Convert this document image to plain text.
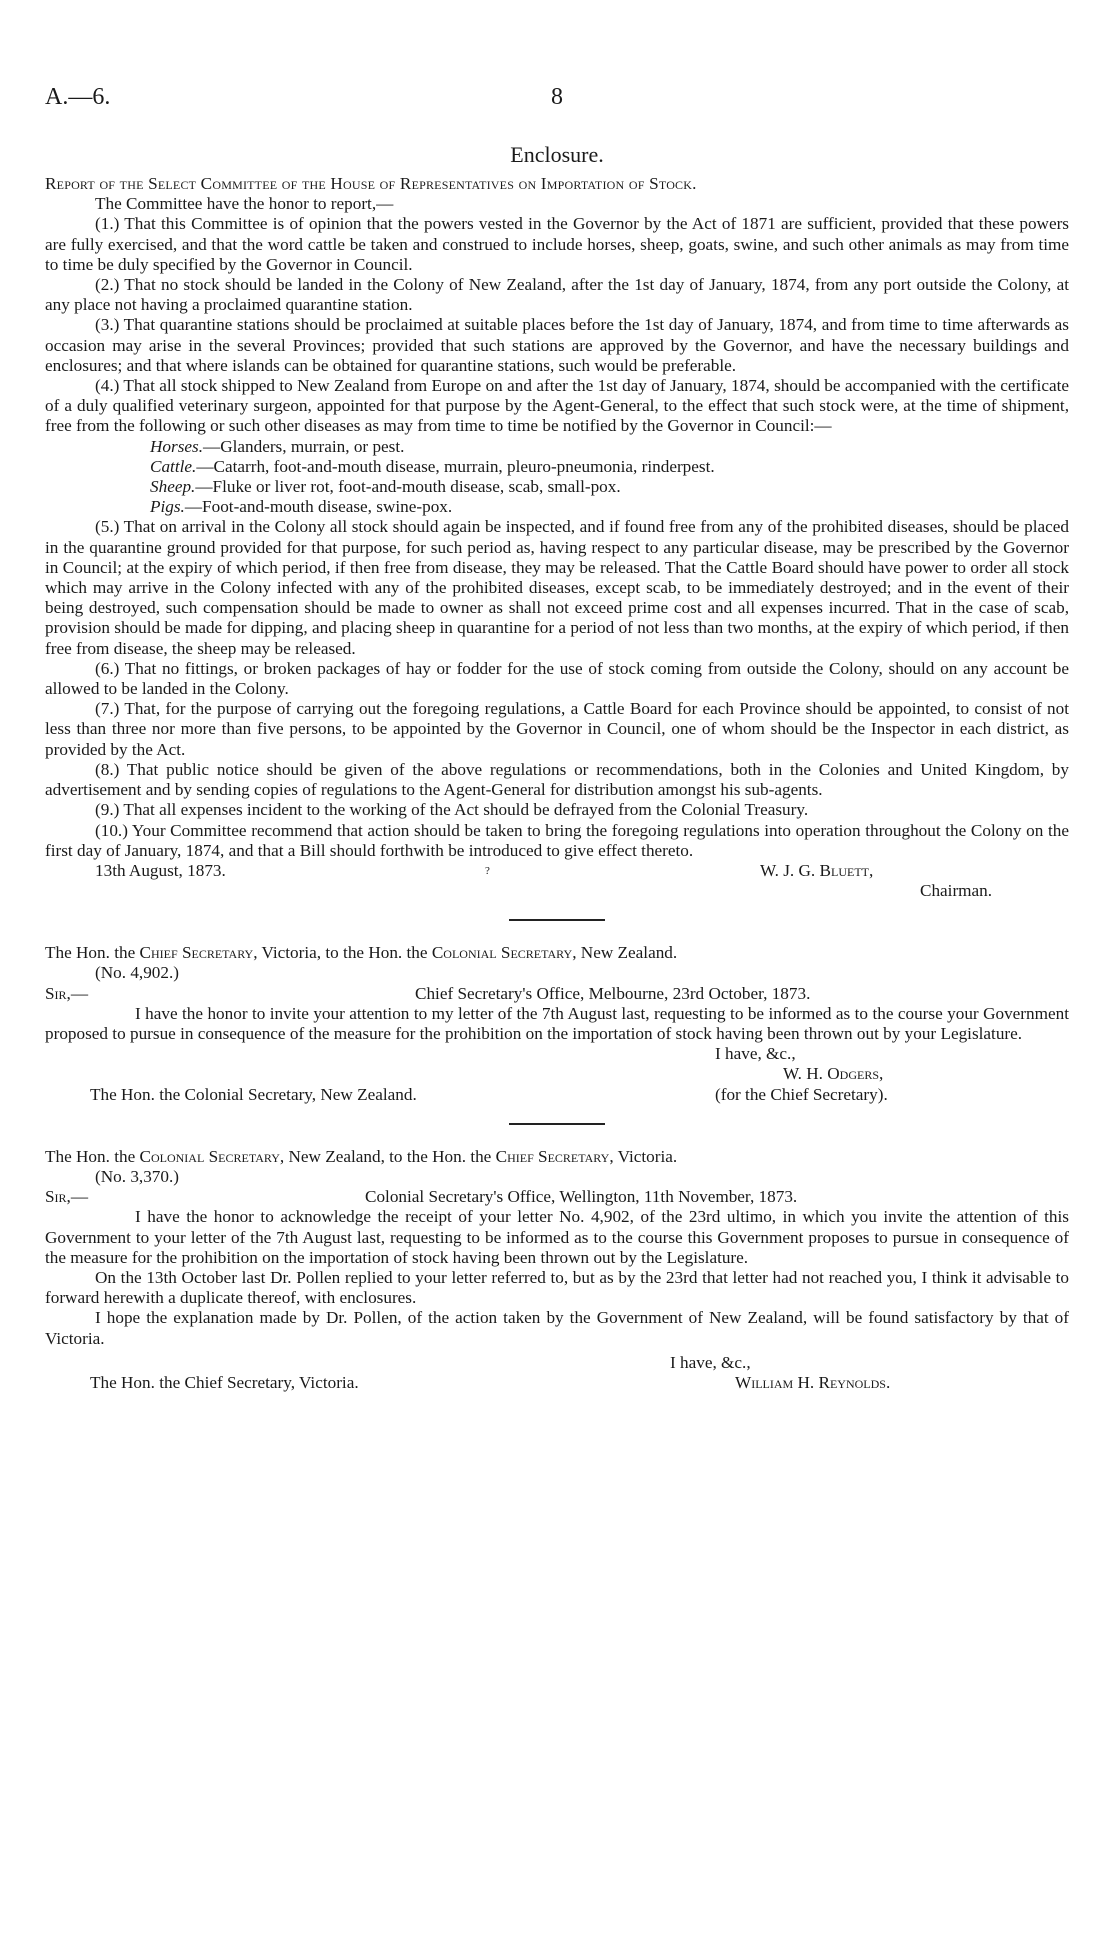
A.—6.	8
Enclosure.

Report of the Select Committee of the House of Representatives on Importation of Stock.

The Committee have the honor to report,—

(1.) That this Committee is of opinion that the powers vested in the Governor by the Act of 1871 are sufficient, provided that these powers are fully exercised, and that the word cattle be taken and construed to include horses, sheep, goats, swine, and such other animals as may from time to time be duly specified by the Governor in Council.

(2.) That no stock should be landed in the Colony of New Zealand, after the 1st day of January, 1874, from any port outside the Colony, at any place not having a proclaimed quarantine station.

(3.) That quarantine stations should be proclaimed at suitable places before the 1st day of January, 1874, and from time to time afterwards as occasion may arise in the several Provinces; provided that such stations are approved by the Governor, and have the necessary buildings and enclosures; and that where islands can be obtained for quarantine stations, such would be preferable.

(4.) That all stock shipped to New Zealand from Europe on and after the 1st day of January, 1874, should be accompanied with the certificate of a duly qualified veterinary surgeon, appointed for that purpose by the Agent-General, to the effect that such stock were, at the time of shipment, free from the following or such other diseases as may from time to time be notified by the Governor in Council:—

Horses.—Glanders, murrain, or pest.

Cattle.—Catarrh, foot-and-mouth disease, murrain, pleuro-pneumonia, rinderpest.

Sheep.—Fluke or liver rot, foot-and-mouth disease, scab, small-pox.

Pigs.—Foot-and-mouth disease, swine-pox.

(5.) That on arrival in the Colony all stock should again be inspected, and if found free from any of the prohibited diseases, should be placed in the quarantine ground provided for that purpose, for such period as, having respect to any particular disease, may be prescribed by the Governor in Council; at the expiry of which period, if then free from disease, they may be released. That the Cattle Board should have power to order all stock which may arrive in the Colony infected with any of the prohibited diseases, except scab, to be immediately destroyed; and in the event of their being destroyed, such compensation should be made to owner as shall not exceed prime cost and all expenses incurred. That in the case of scab, provision should be made for dipping, and placing sheep in quarantine for a period of not less than two months, at the expiry of which period, if then free from disease, the sheep may be released.

(6.) That no fittings, or broken packages of hay or fodder for the use of stock coming from outside the Colony, should on any account be allowed to be landed in the Colony.

(7.) That, for the purpose of carrying out the foregoing regulations, a Cattle Board for each Province should be appointed, to consist of not less than three nor more than five persons, to be appointed by the Governor in Council, one of whom should be the Inspector in each district, as provided by the Act.

(8.) That public notice should be given of the above regulations or recommendations, both in the Colonies and United Kingdom, by advertisement and by sending copies of regulations to the Agent-General for distribution amongst his sub-agents.

(9.) That all expenses incident to the working of the Act should be defrayed from the Colonial Treasury.

(10.) Your Committee recommend that action should be taken to bring the foregoing regulations into operation throughout the Colony on the first day of January, 1874, and that a Bill should forthwith be introduced to give effect thereto.

13th August, 1873.	?	W. J. G. Bluett,
Chairman.

The Hon. the Chief Secretary, Victoria, to the Hon. the Colonial Secretary, New Zealand.

(No. 4,902.)

Sir,—	Chief Secretary's Office, Melbourne, 23rd October, 1873.

I have the honor to invite your attention to my letter of the 7th August last, requesting to be informed as to the course your Government proposed to pursue in consequence of the measure for the prohibition on the importation of stock having been thrown out by your Legislature.

I have, &c.,
W. H. Odgers,
The Hon. the Colonial Secretary, New Zealand.	(for the Chief Secretary).

The Hon. the Colonial Secretary, New Zealand, to the Hon. the Chief Secretary, Victoria.

(No. 3,370.)

Sir,—	Colonial Secretary's Office, Wellington, 11th November, 1873.

I have the honor to acknowledge the receipt of your letter No. 4,902, of the 23rd ultimo, in which you invite the attention of this Government to your letter of the 7th August last, requesting to be informed as to the course this Government proposes to pursue in consequence of the measure for the prohibition on the importation of stock having been thrown out by the Legislature.

On the 13th October last Dr. Pollen replied to your letter referred to, but as by the 23rd that letter had not reached you, I think it advisable to forward herewith a duplicate thereof, with enclosures.

I hope the explanation made by Dr. Pollen, of the action taken by the Government of New Zealand, will be found satisfactory by that of Victoria.

I have, &c.,
The Hon. the Chief Secretary, Victoria.	William H. Reynolds.
